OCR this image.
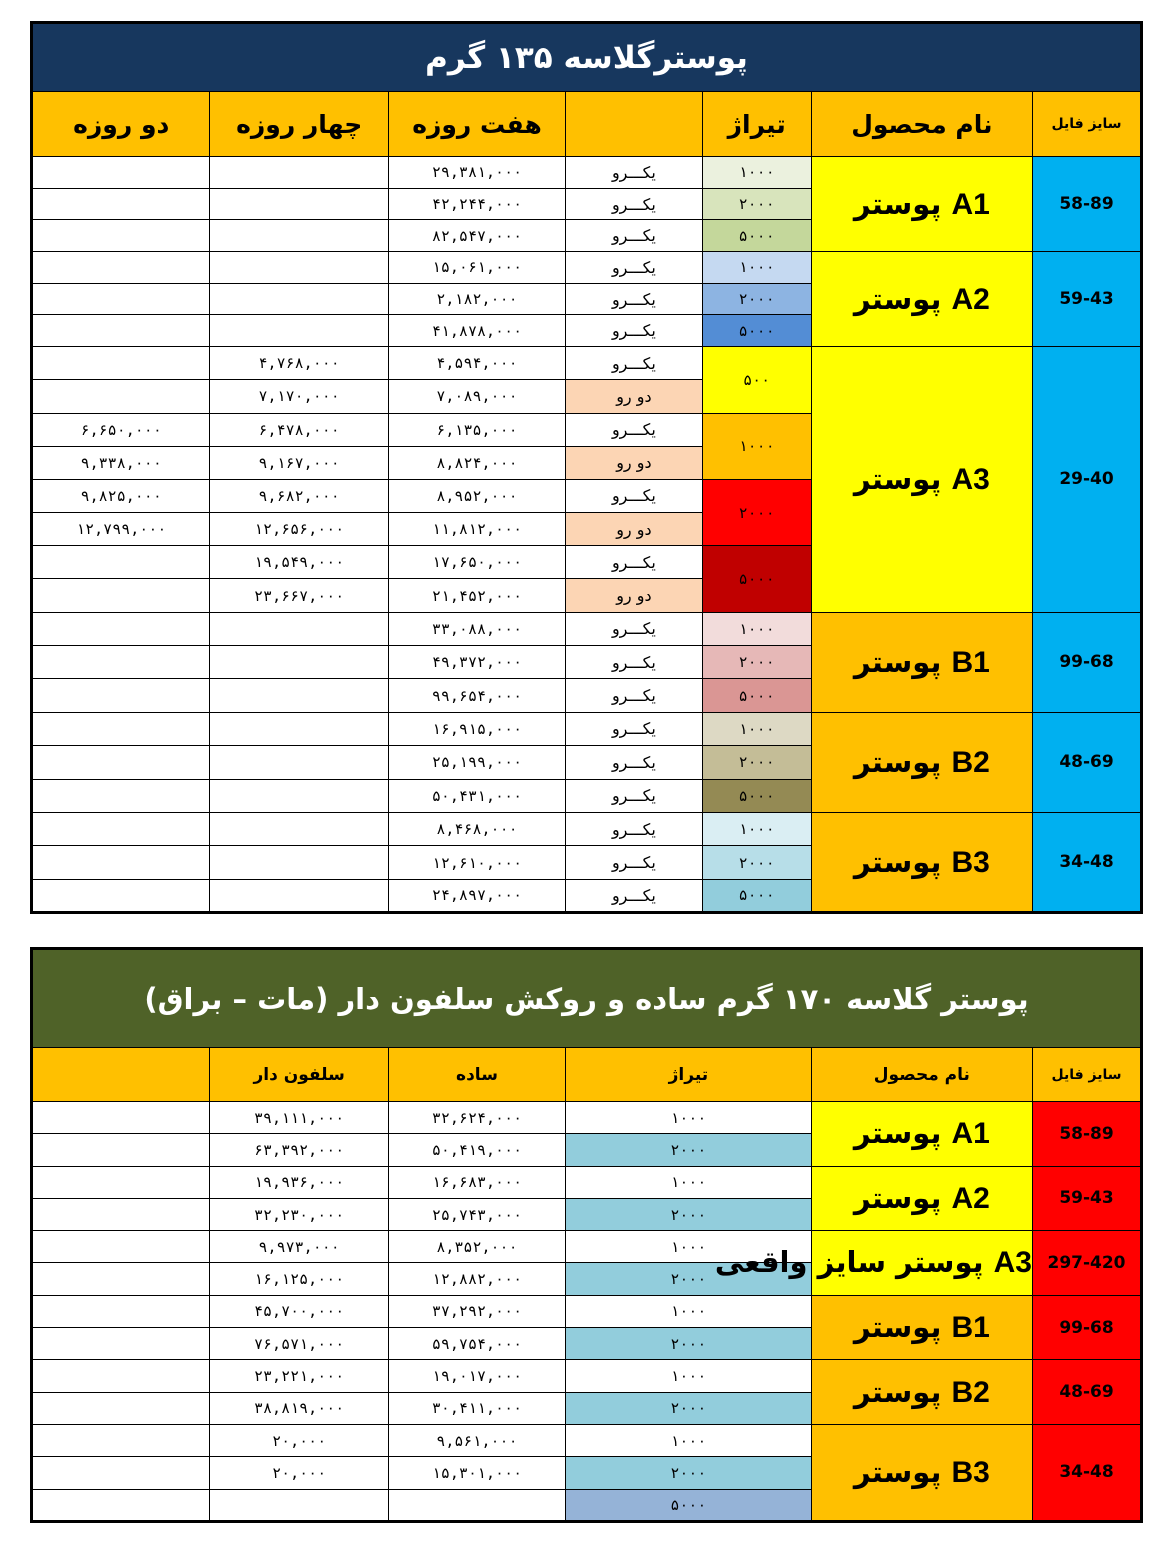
پوسترگلاسه ۱۳۵ گرم						
سایز فایل	نام محصول	تیراژ		هفت روزه	چهار روزه	دو روزه
58-89	A1 پوستر	۱۰۰۰	یکـــرو	۲۹,۳۸۱,۰۰۰		
		۲۰۰۰	یکـــرو	۴۲,۲۴۴,۰۰۰		
		۵۰۰۰	یکـــرو	۸۲,۵۴۷,۰۰۰		
59-43	A2 پوستر	۱۰۰۰	یکـــرو	۱۵,۰۶۱,۰۰۰		
		۲۰۰۰	یکـــرو	۲,۱۸۲,۰۰۰		
		۵۰۰۰	یکـــرو	۴۱,۸۷۸,۰۰۰		
29-40	A3 پوستر	۵۰۰	یکـــرو	۴,۵۹۴,۰۰۰	۴,۷۶۸,۰۰۰	
			دو رو	۷,۰۸۹,۰۰۰	۷,۱۷۰,۰۰۰	
		۱۰۰۰	یکـــرو	۶,۱۳۵,۰۰۰	۶,۴۷۸,۰۰۰	۶,۶۵۰,۰۰۰
			دو رو	۸,۸۲۴,۰۰۰	۹,۱۶۷,۰۰۰	۹,۳۳۸,۰۰۰
		۲۰۰۰	یکـــرو	۸,۹۵۲,۰۰۰	۹,۶۸۲,۰۰۰	۹,۸۲۵,۰۰۰
			دو رو	۱۱,۸۱۲,۰۰۰	۱۲,۶۵۶,۰۰۰	۱۲,۷۹۹,۰۰۰
		۵۰۰۰	یکـــرو	۱۷,۶۵۰,۰۰۰	۱۹,۵۴۹,۰۰۰	
			دو رو	۲۱,۴۵۲,۰۰۰	۲۳,۶۶۷,۰۰۰	
99-68	B1 پوستر	۱۰۰۰	یکـــرو	۳۳,۰۸۸,۰۰۰		
		۲۰۰۰	یکـــرو	۴۹,۳۷۲,۰۰۰		
		۵۰۰۰	یکـــرو	۹۹,۶۵۴,۰۰۰		
48-69	B2 پوستر	۱۰۰۰	یکـــرو	۱۶,۹۱۵,۰۰۰		
		۲۰۰۰	یکـــرو	۲۵,۱۹۹,۰۰۰		
		۵۰۰۰	یکـــرو	۵۰,۴۳۱,۰۰۰		
34-48	B3 پوستر	۱۰۰۰	یکـــرو	۸,۴۶۸,۰۰۰		
		۲۰۰۰	یکـــرو	۱۲,۶۱۰,۰۰۰		
		۵۰۰۰	یکـــرو	۲۴,۸۹۷,۰۰۰		
پوستر گلاسه ۱۷۰ گرم ساده و روکش سلفون دار (مات – براق)					
سایز فایل	نام محصول	تیراژ	ساده	سلفون دار	
58-89	A1 پوستر	۱۰۰۰	۳۲,۶۲۴,۰۰۰	۳۹,۱۱۱,۰۰۰	
		۲۰۰۰	۵۰,۴۱۹,۰۰۰	۶۳,۳۹۲,۰۰۰	
59-43	A2 پوستر	۱۰۰۰	۱۶,۶۸۳,۰۰۰	۱۹,۹۳۶,۰۰۰	
		۲۰۰۰	۲۵,۷۴۳,۰۰۰	۳۲,۲۳۰,۰۰۰	
297-420	A3 پوستر سایز واقعی	۱۰۰۰	۸,۳۵۲,۰۰۰	۹,۹۷۳,۰۰۰	
		۲۰۰۰	۱۲,۸۸۲,۰۰۰	۱۶,۱۲۵,۰۰۰	
99-68	B1 پوستر	۱۰۰۰	۳۷,۲۹۲,۰۰۰	۴۵,۷۰۰,۰۰۰	
		۲۰۰۰	۵۹,۷۵۴,۰۰۰	۷۶,۵۷۱,۰۰۰	
48-69	B2 پوستر	۱۰۰۰	۱۹,۰۱۷,۰۰۰	۲۳,۲۲۱,۰۰۰	
		۲۰۰۰	۳۰,۴۱۱,۰۰۰	۳۸,۸۱۹,۰۰۰	
34-48	B3 پوستر	۱۰۰۰	۹,۵۶۱,۰۰۰	۲۰,۰۰۰	
		۲۰۰۰	۱۵,۳۰۱,۰۰۰	۲۰,۰۰۰	
		۵۰۰۰			
